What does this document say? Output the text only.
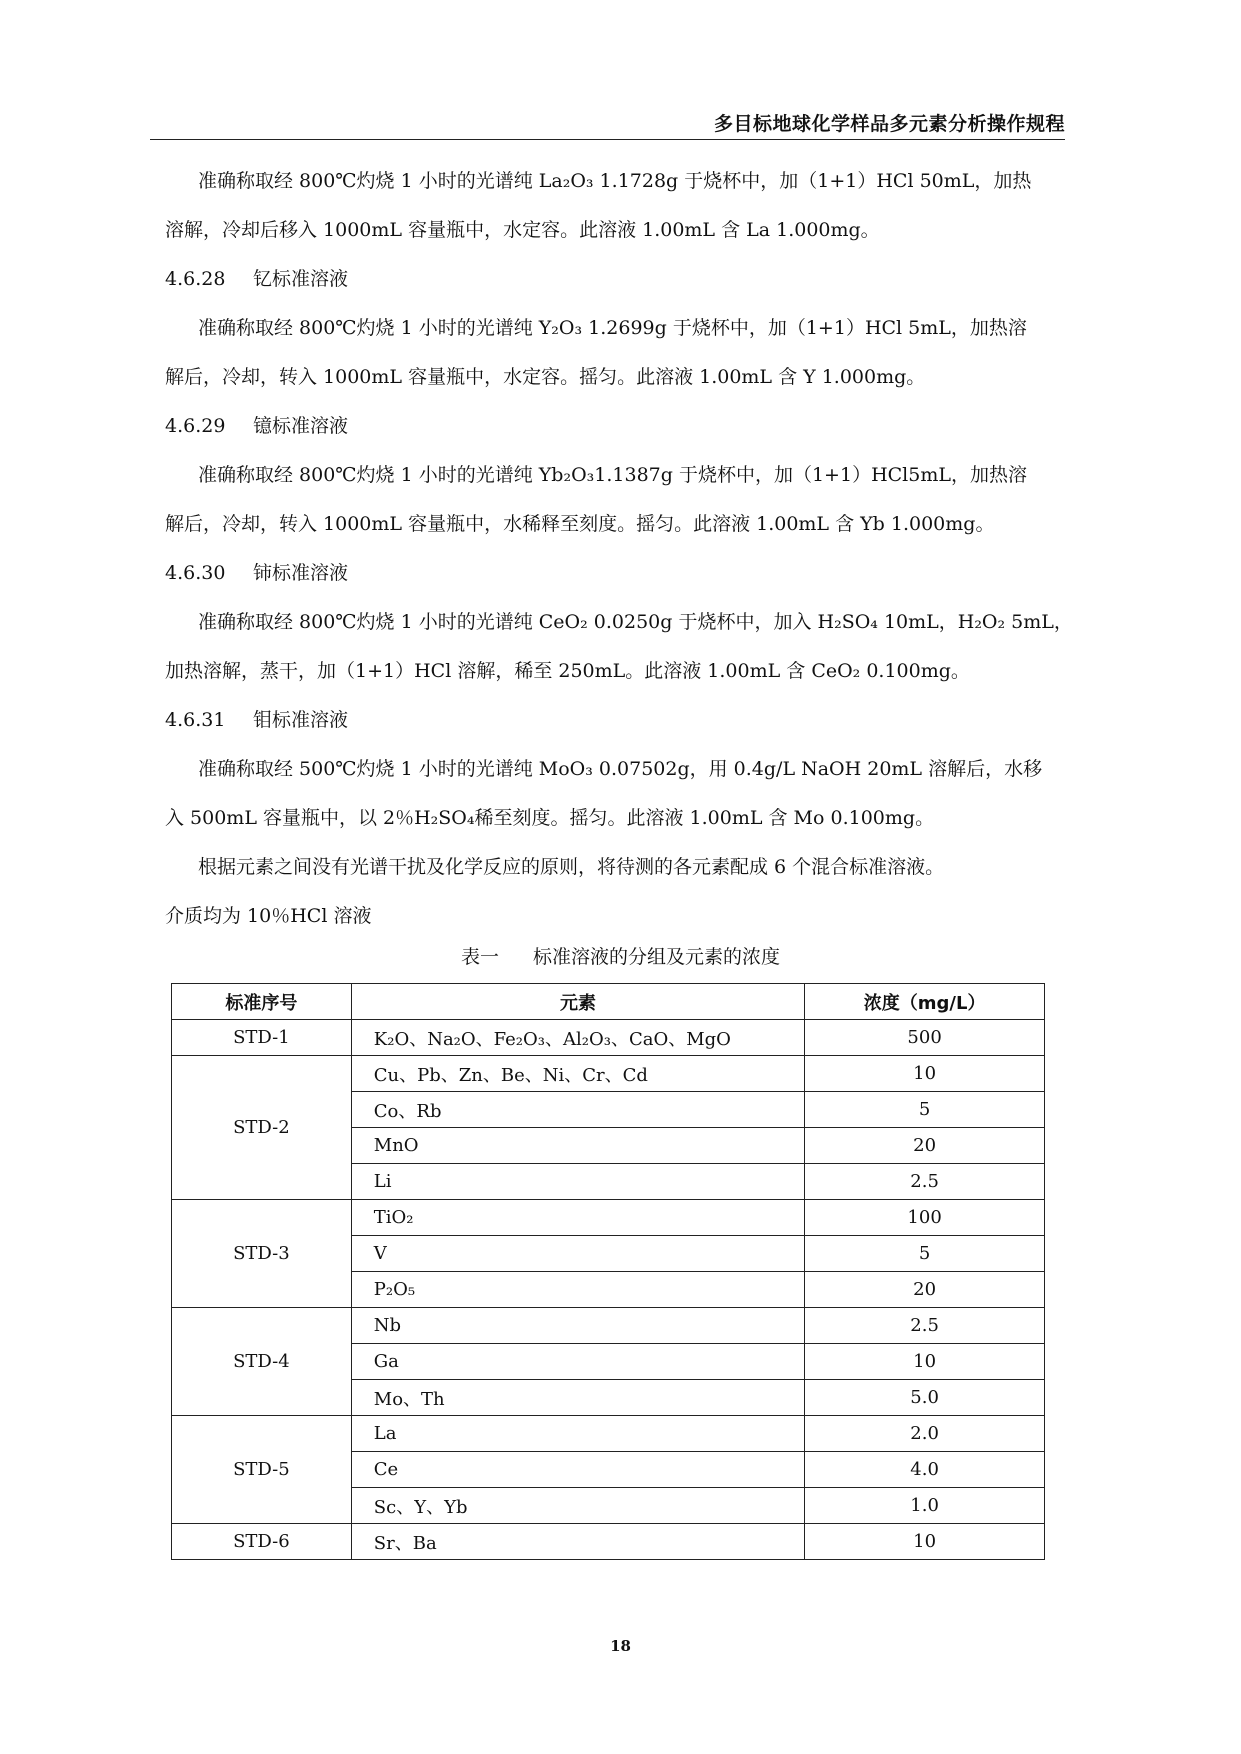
多目标地球化学样品多元素分析操作规程
准确称取经 800℃灼烧 1 小时的光谱纯 La₂O₃ 1.1728g 于烧杯中，加（1+1）HCl 50mL，加热
溶解，冷却后移入 1000mL 容量瓶中，水定容。此溶液 1.00mL 含 La 1.000mg。
4.6.28 钇标准溶液
准确称取经 800℃灼烧 1 小时的光谱纯 Y₂O₃ 1.2699g 于烧杯中，加（1+1）HCl 5mL，加热溶
解后，冷却，转入 1000mL 容量瓶中，水定容。摇匀。此溶液 1.00mL 含 Y 1.000mg。
4.6.29 镱标准溶液
准确称取经 800℃灼烧 1 小时的光谱纯 Yb₂O₃1.1387g 于烧杯中，加（1+1）HCl5mL，加热溶
解后，冷却，转入 1000mL 容量瓶中，水稀释至刻度。摇匀。此溶液 1.00mL 含 Yb 1.000mg。
4.6.30 铈标准溶液
准确称取经 800℃灼烧 1 小时的光谱纯 CeO₂ 0.0250g 于烧杯中，加入 H₂SO₄ 10mL，H₂O₂ 5mL，
加热溶解，蒸干，加（1+1）HCl 溶解，稀至 250mL。此溶液 1.00mL 含 CeO₂ 0.100mg。
4.6.31 钼标准溶液
准确称取经 500℃灼烧 1 小时的光谱纯 MoO₃ 0.07502g，用 0.4g/L NaOH 20mL 溶解后，水移
入 500mL 容量瓶中，以 2％H₂SO₄稀至刻度。摇匀。此溶液 1.00mL 含 Mo 0.100mg。
根据元素之间没有光谱干扰及化学反应的原则，将待测的各元素配成 6 个混合标准溶液。
介质均为 10％HCl 溶液
表一 标准溶液的分组及元素的浓度
标准序号	元素	浓度（mg/L）
STD-1	K₂O、Na₂O、Fe₂O₃、Al₂O₃、CaO、MgO	500
STD-2	Cu、Pb、Zn、Be、Ni、Cr、Cd	10
	Co、Rb	5
	MnO	20
	Li	2.5
STD-3	TiO₂	100
	V	5
	P₂O₅	20
STD-4	Nb	2.5
	Ga	10
	Mo、Th	5.0
STD-5	La	2.0
	Ce	4.0
	Sc、Y、Yb	1.0
STD-6	Sr、Ba	10
18
